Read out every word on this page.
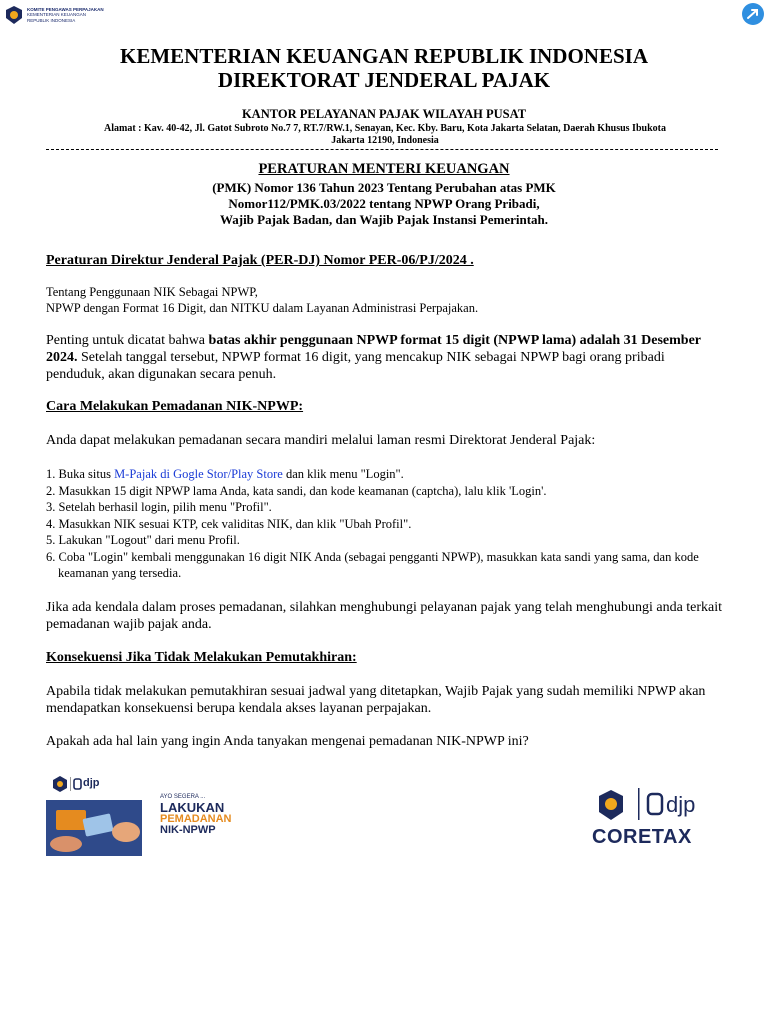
KOMITE PENGAWAS PERPAJAKAN
KEMENTERIAN KEUANGAN
REPUBLIK INDONESIA
KEMENTERIAN KEUANGAN REPUBLIK INDONESIA
DIREKTORAT JENDERAL PAJAK
KANTOR PELAYANAN PAJAK WILAYAH PUSAT
Alamat : Kav. 40-42, Jl. Gatot Subroto No.7 7, RT.7/RW.1, Senayan, Kec. Kby. Baru, Kota Jakarta Selatan, Daerah Khusus Ibukota
Jakarta 12190, Indonesia
PERATURAN MENTERI KEUANGAN
(PMK) Nomor 136 Tahun 2023 Tentang Perubahan atas PMK
Nomor112/PMK.03/2022 tentang NPWP Orang Pribadi,
Wajib Pajak Badan, dan Wajib Pajak Instansi Pemerintah.
Peraturan Direktur Jenderal Pajak (PER-DJ) Nomor PER-06/PJ/2024 .
Tentang Penggunaan NIK Sebagai NPWP,
NPWP dengan Format 16 Digit, dan NITKU dalam Layanan Administrasi Perpajakan.
Penting untuk dicatat bahwa batas akhir penggunaan NPWP format 15 digit (NPWP lama) adalah 31 Desember 2024. Setelah tanggal tersebut, NPWP format 16 digit, yang mencakup NIK sebagai NPWP bagi orang pribadi penduduk, akan digunakan secara penuh.
Cara Melakukan Pemadanan NIK-NPWP:
Anda dapat melakukan pemadanan secara mandiri melalui laman resmi Direktorat Jenderal Pajak:
1. Buka situs M-Pajak di Gogle Stor/Play Store dan klik menu "Login".
2. Masukkan 15 digit NPWP lama Anda, kata sandi, dan kode keamanan (captcha), lalu klik 'Login'.
3. Setelah berhasil login, pilih menu "Profil".
4. Masukkan NIK sesuai KTP, cek validitas NIK, dan klik "Ubah Profil".
5. Lakukan "Logout" dari menu Profil.
6. Coba "Login" kembali menggunakan 16 digit NIK Anda (sebagai pengganti NPWP), masukkan kata sandi yang sama, dan kode keamanan yang tersedia.
Jika ada kendala dalam proses pemadanan, silahkan menghubungi pelayanan pajak yang telah menghubungi anda terkait pemadanan wajib pajak anda.
Konsekuensi Jika Tidak Melakukan Pemutakhiran:
Apabila tidak melakukan pemutakhiran sesuai jadwal yang ditetapkan, Wajib Pajak yang sudah memiliki NPWP akan mendapatkan konsekuensi berupa kendala akses layanan perpajakan.
Apakah ada hal lain yang ingin Anda tanyakan mengenai pemadanan NIK-NPWP ini?
djp
AYO SEGERA ...
LAKUKAN
PEMADANAN
NIK-NPWP
djp
CORETAX
